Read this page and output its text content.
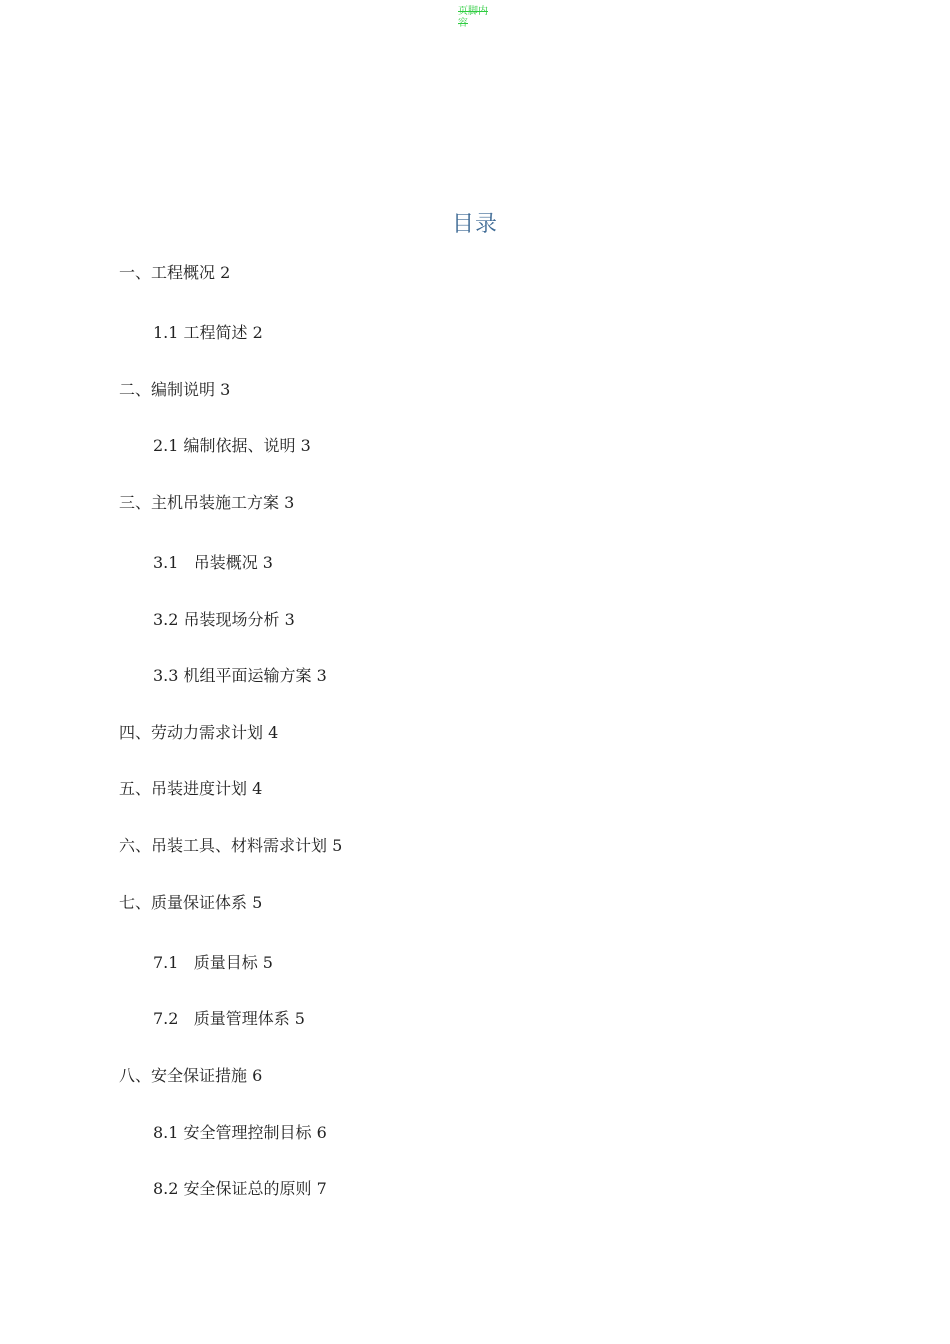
页脚内容
目录
一、工程概况 2
1.1 工程简述 2
二、编制说明 3
2.1 编制依据、说明 3
三、主机吊装施工方案 3
3.1   吊装概况 3
3.2 吊装现场分析 3
3.3 机组平面运输方案 3
四、劳动力需求计划 4
五、吊装进度计划 4
六、吊装工具、材料需求计划 5
七、质量保证体系 5
7.1   质量目标 5
7.2   质量管理体系 5
八、安全保证措施 6
8.1 安全管理控制目标 6
8.2 安全保证总的原则 7
